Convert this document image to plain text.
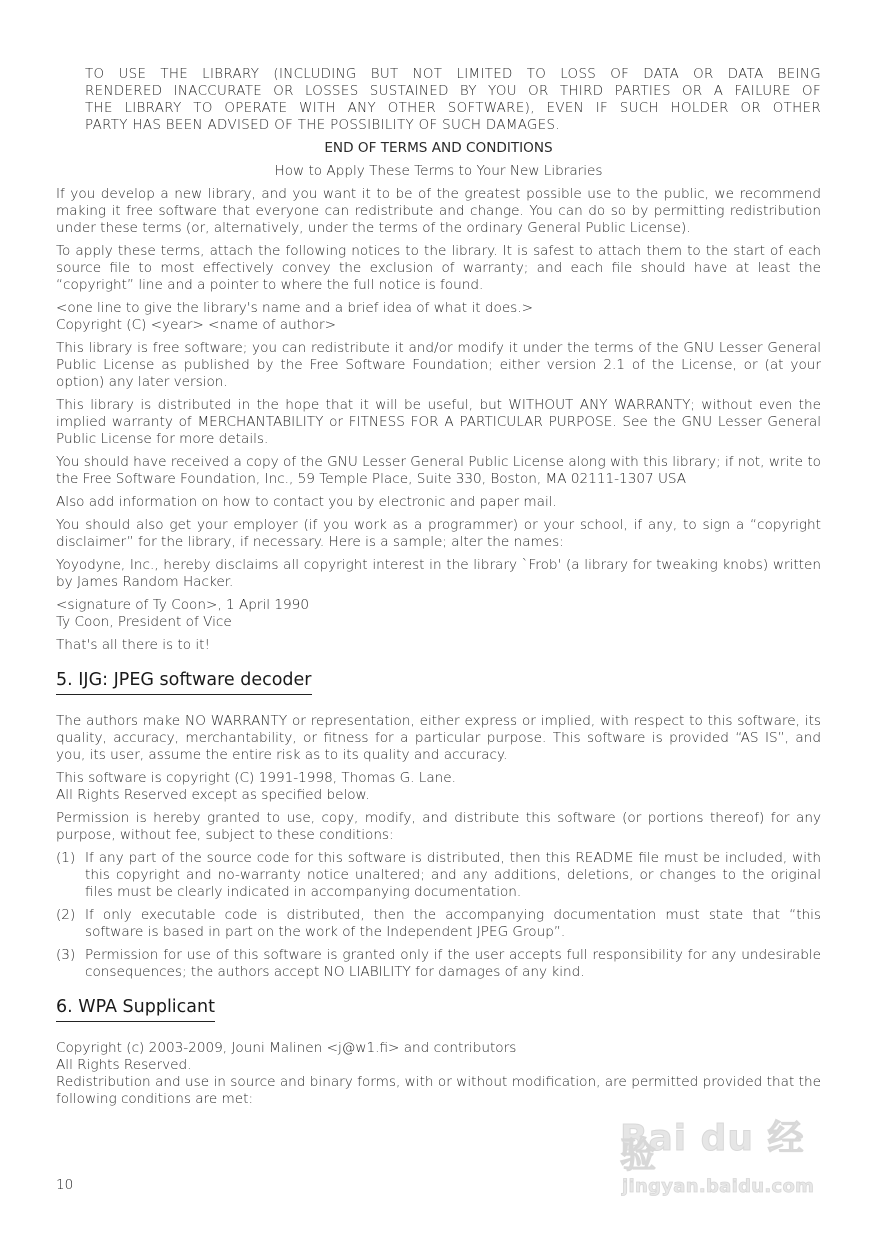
TO USE THE LIBRARY (INCLUDING BUT NOT LIMITED TO LOSS OF DATA OR DATA BEING

RENDERED INACCURATE OR LOSSES SUSTAINED BY YOU OR THIRD PARTIES OR A FAILURE OF

THE LIBRARY TO OPERATE WITH ANY OTHER SOFTWARE), EVEN IF SUCH HOLDER OR OTHER

PARTY HAS BEEN ADVISED OF THE POSSIBILITY OF SUCH DAMAGES.

END OF TERMS AND CONDITIONS

How to Apply These Terms to Your New Libraries

If you develop a new library, and you want it to be of the greatest possible use to the public, we recommend making it free software that everyone can redistribute and change. You can do so by permitting redistribution under these terms (or, alternatively, under the terms of the ordinary General Public License).

To apply these terms, attach the following notices to the library. It is safest to attach them to the start of each source file to most effectively convey the exclusion of warranty; and each file should have at least the “copyright” line and a pointer to where the full notice is found.

<one line to give the library's name and a brief idea of what it does.>
Copyright (C) <year> <name of author>

This library is free software; you can redistribute it and/or modify it under the terms of the GNU Lesser General Public License as published by the Free Software Foundation; either version 2.1 of the License, or (at your option) any later version.

This library is distributed in the hope that it will be useful, but WITHOUT ANY WARRANTY; without even the implied warranty of MERCHANTABILITY or FITNESS FOR A PARTICULAR PURPOSE. See the GNU Lesser General Public License for more details.

You should have received a copy of the GNU Lesser General Public License along with this library; if not, write to the Free Software Foundation, Inc., 59 Temple Place, Suite 330, Boston, MA 02111-1307 USA

Also add information on how to contact you by electronic and paper mail.

You should also get your employer (if you work as a programmer) or your school, if any, to sign a “copyright disclaimer” for the library, if necessary. Here is a sample; alter the names:

Yoyodyne, Inc., hereby disclaims all copyright interest in the library `Frob' (a library for tweaking knobs) written by James Random Hacker.

<signature of Ty Coon>, 1 April 1990
Ty Coon, President of Vice

That's all there is to it!

5. IJG: JPEG software decoder

The authors make NO WARRANTY or representation, either express or implied, with respect to this software, its quality, accuracy, merchantability, or fitness for a particular purpose. This software is provided “AS IS”, and you, its user, assume the entire risk as to its quality and accuracy.

This software is copyright (C) 1991-1998, Thomas G. Lane.
All Rights Reserved except as specified below.

Permission is hereby granted to use, copy, modify, and distribute this software (or portions thereof) for any purpose, without fee, subject to these conditions:

(1) If any part of the source code for this software is distributed, then this README file must be included, with this copyright and no-warranty notice unaltered; and any additions, deletions, or changes to the original files must be clearly indicated in accompanying documentation.
(2) If only executable code is distributed, then the accompanying documentation must state that “this software is based in part on the work of the Independent JPEG Group”.
(3) Permission for use of this software is granted only if the user accepts full responsibility for any undesirable consequences; the authors accept NO LIABILITY for damages of any kind.
6. WPA Supplicant

Copyright (c) 2003-2009, Jouni Malinen <j@w1.fi> and contributors
All Rights Reserved.

Redistribution and use in source and binary forms, with or without modification, are permitted provided that the following conditions are met:

10
Bai du 经验
jingyan.baidu.com
